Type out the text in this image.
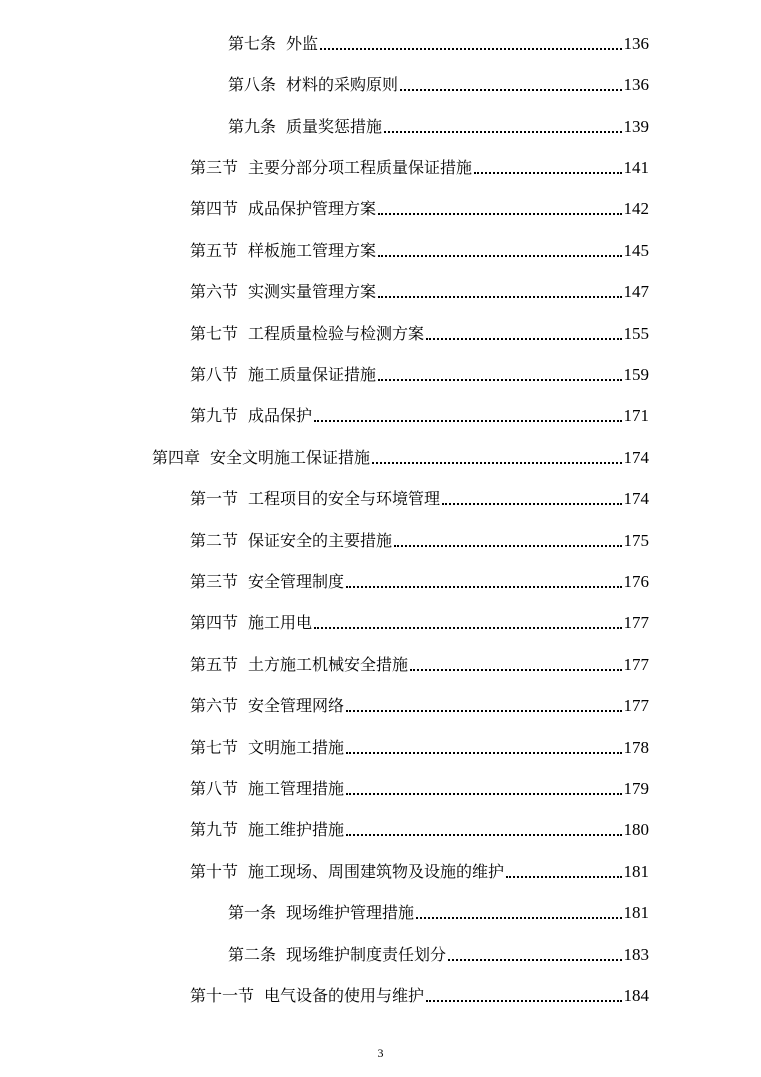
第七条 外监	136
第八条 材料的采购原则	136
第九条 质量奖惩措施	139
第三节 主要分部分项工程质量保证措施	141
第四节 成品保护管理方案	142
第五节 样板施工管理方案	145
第六节 实测实量管理方案	147
第七节 工程质量检验与检测方案	155
第八节 施工质量保证措施	159
第九节 成品保护	171
第四章 安全文明施工保证措施	174
第一节 工程项目的安全与环境管理	174
第二节 保证安全的主要措施	175
第三节 安全管理制度	176
第四节 施工用电	177
第五节 土方施工机械安全措施	177
第六节 安全管理网络	177
第七节 文明施工措施	178
第八节 施工管理措施	179
第九节 施工维护措施	180
第十节 施工现场、周围建筑物及设施的维护	181
第一条 现场维护管理措施	181
第二条 现场维护制度责任划分	183
第十一节 电气设备的使用与维护	184
3
